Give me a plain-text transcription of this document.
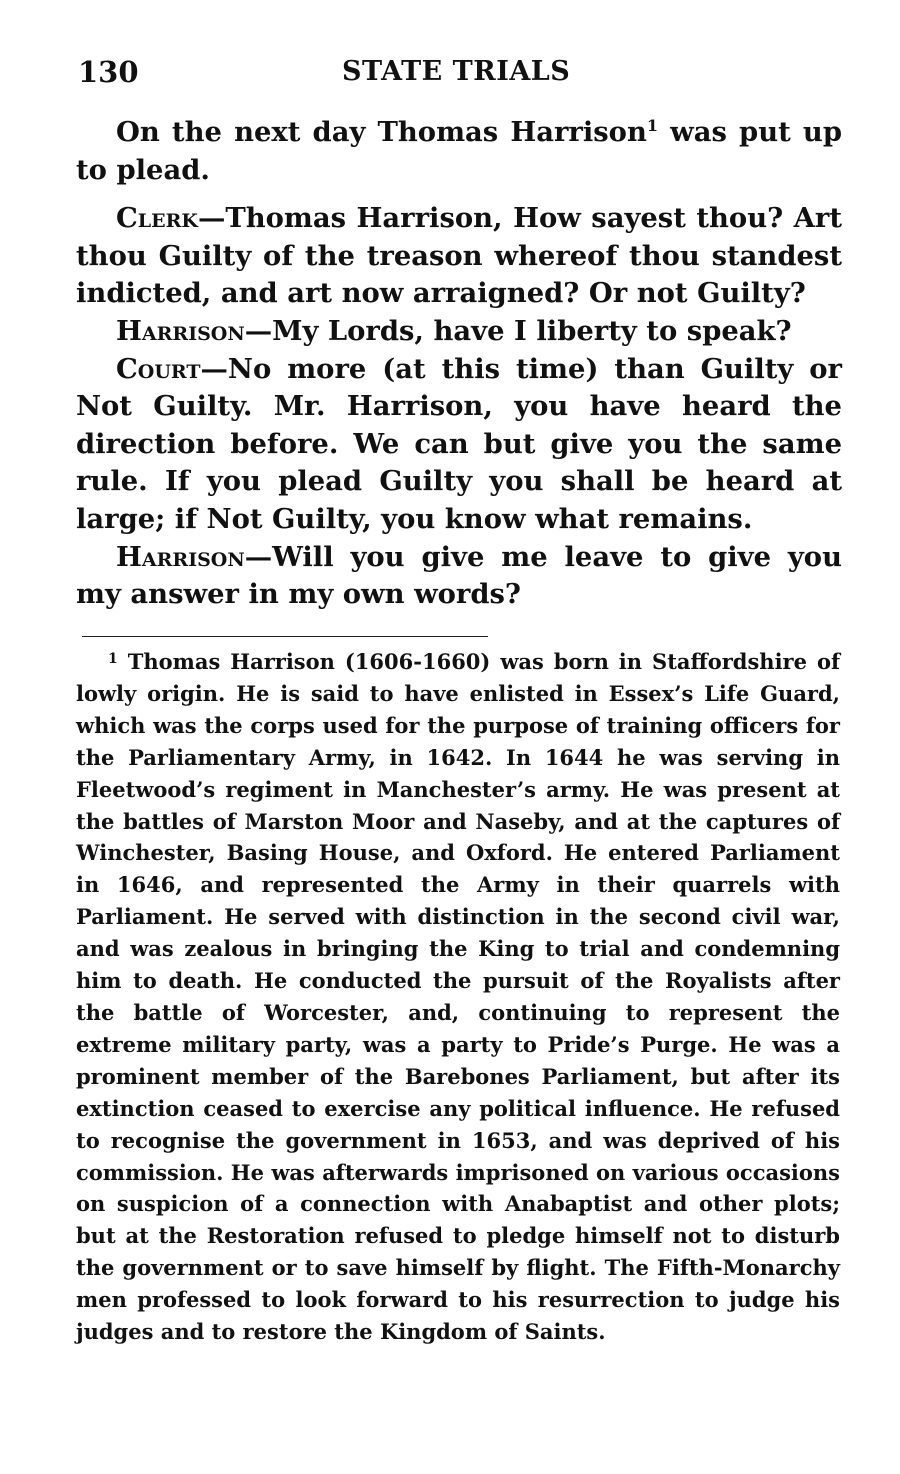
130	STATE TRIALS

On the next day Thomas Harrison$^1$ was put up to plead.

Clerk—Thomas Harrison, How sayest thou? Art thou Guilty of the treason whereof thou standest indicted, and art now arraigned? Or not Guilty?

Harrison—My Lords, have I liberty to speak?

Court—No more (at this time) than Guilty or Not Guilty. Mr. Harrison, you have heard the direction before. We can but give you the same rule. If you plead Guilty you shall be heard at large; if Not Guilty, you know what remains.

Harrison—Will you give me leave to give you my answer in my own words?

$^1$ Thomas Harrison (1606-1660) was born in Staffordshire of lowly origin. He is said to have enlisted in Essex’s Life Guard, which was the corps used for the purpose of training officers for the Parliamentary Army, in 1642. In 1644 he was serving in Fleetwood’s regiment in Manchester’s army. He was present at the battles of Marston Moor and Naseby, and at the captures of Winchester, Basing House, and Oxford. He entered Parliament in 1646, and represented the Army in their quarrels with Parliament. He served with distinction in the second civil war, and was zealous in bringing the King to trial and condemning him to death. He conducted the pursuit of the Royalists after the battle of Worcester, and, continuing to represent the extreme military party, was a party to Pride’s Purge. He was a prominent member of the Barebones Parliament, but after its extinction ceased to exercise any political influence. He refused to recognise the government in 1653, and was deprived of his commission. He was afterwards imprisoned on various occasions on suspicion of a connection with Anabaptist and other plots; but at the Restoration refused to pledge himself not to disturb the government or to save himself by flight. The Fifth-Monarchy men professed to look forward to his resurrection to judge his judges and to restore the Kingdom of Saints.
